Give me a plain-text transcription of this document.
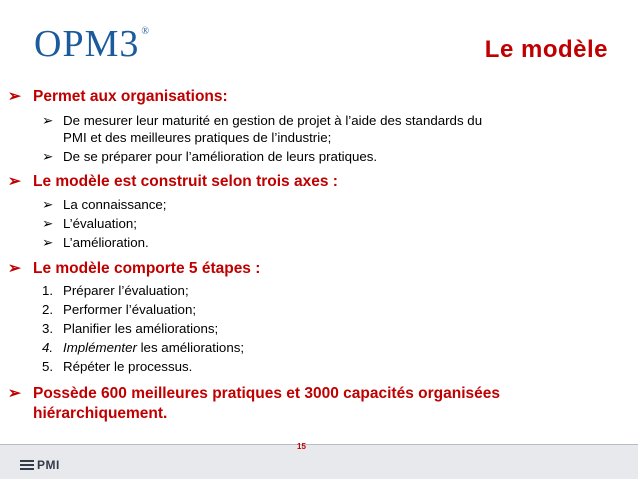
OPM3 ®
Le modèle
➢ Permet aux organisations:
➢ De mesurer leur maturité en gestion de projet à l’aide des standards du
PMI et des meilleures pratiques de l’industrie;
➢ De se préparer pour l’amélioration de leurs pratiques.
➢ Le modèle est construit selon trois axes :
➢ La connaissance;
➢ L’évaluation;
➢ L’amélioration.
➢ Le modèle comporte 5 étapes :
1. Préparer l’évaluation;
2. Performer l’évaluation;
3. Planifier les améliorations;
4. Implémenter les améliorations;
5. Répéter le processus.
➢ Possède 600 meilleures pratiques et 3000 capacités organisées
hiérarchiquement.
15
PMI
